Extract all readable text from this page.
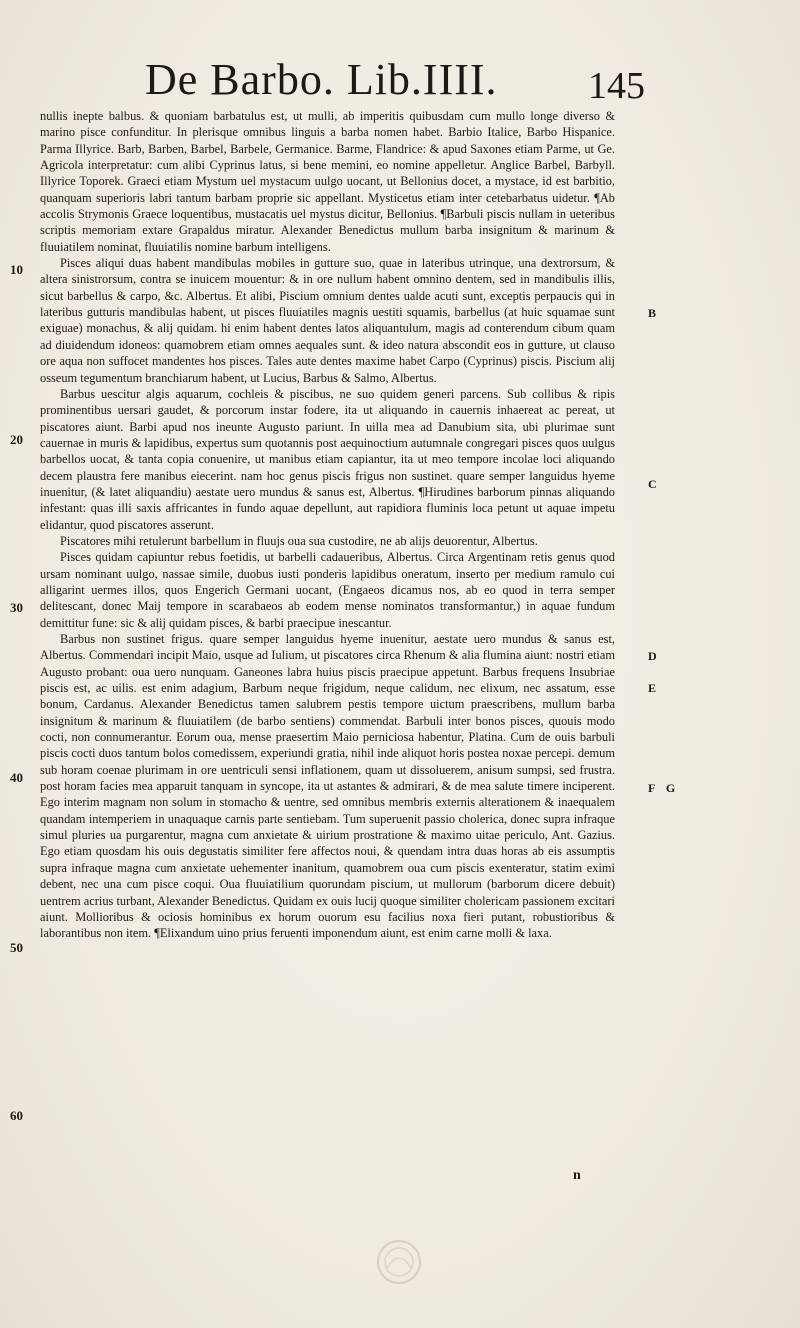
De Barbo. Lib.IIII. 145

nullis inepte balbus. & quoniam barbatulus est, ut mulli, ab imperitis quibusdam cum mullo longe diverso & marino pisce confunditur. In plerisque omnibus linguis a barba nomen habet. Barbio Italice, Barbo Hispanice. Parma Illyrice. Barb, Barben, Barbel, Barbele, Germanice. Barme, Flandrice: & apud Saxones etiam Parme, ut Ge. Agricola interpretatur: cum alibi Cyprinus latus, si bene memini, eo nomine appelletur. Anglice Barbel, Barbyll. Illyrice Toporek. Graeci etiam Mystum uel mystacum uulgo uocant, ut Bellonius docet, a mystace, id est barbitio, quanquam superioris labri tantum barbam proprie sic appellant. Mysticetus etiam inter cetebarbatus uidetur. ¶Ab accolis Strymonis Graece loquentibus, mustacatis uel mystus dicitur, Bellonius. ¶Barbuli piscis nullam in ueteribus scriptis memoriam extare Grapaldus miratur. Alexander Benedictus mullum barba insignitum & marinum & fluuiatilem nominat, fluuiatilis nomine barbum intelligens.

Pisces aliqui duas habent mandibulas mobiles in gutture suo, quae in lateribus utrinque, una dextrorsum, & altera sinistrorsum, contra se inuicem mouentur: & in ore nullum habent omnino dentem, sed in mandibulis illis, sicut barbellus & carpo, &c. Albertus. Et alibi, Piscium omnium dentes ualde acuti sunt, exceptis perpaucis qui in lateribus gutturis mandibulas habent, ut pisces fluuiatiles magnis uestiti squamis, barbellus (at huic squamae sunt exiguae) monachus, & alij quidam. hi enim habent dentes latos aliquantulum, magis ad conterendum cibum quam ad diuidendum idoneos: quamobrem etiam omnes aequales sunt. & ideo natura abscondit eos in gutture, ut clauso ore aqua non suffocet mandentes hos pisces. Tales aute dentes maxime habet Carpo (Cyprinus) piscis. Piscium alij osseum tegumentum branchiarum habent, ut Lucius, Barbus & Salmo, Albertus.

Barbus uescitur algis aquarum, cochleis & piscibus, ne suo quidem generi parcens. Sub collibus & ripis prominentibus uersari gaudet, & porcorum instar fodere, ita ut aliquando in cauernis inhaereat ac pereat, ut piscatores aiunt. Barbi apud nos ineunte Augusto pariunt. In uilla mea ad Danubium sita, ubi plurimae sunt cauernae in muris & lapidibus, expertus sum quotannis post aequinoctium autumnale congregari pisces quos uulgus barbellos uocat, & tanta copia conuenire, ut manibus etiam capiantur, ita ut meo tempore incolae loci aliquando decem plaustra fere manibus eiecerint. nam hoc genus piscis frigus non sustinet. quare semper languidus hyeme inuenitur, (& latet aliquandiu) aestate uero mundus & sanus est, Albertus. ¶Hirudines barborum pinnas aliquando infestant: quas illi saxis affricantes in fundo aquae depellunt, aut rapidiora fluminis loca petunt ut aquae impetu elidantur, quod piscatores asserunt.

Piscatores mihi retulerunt barbellum in fluujs oua sua custodire, ne ab alijs deuorentur, Albertus.

Pisces quidam capiuntur rebus foetidis, ut barbelli cadaueribus, Albertus. Circa Argentinam retis genus quod ursam nominant uulgo, nassae simile, duobus iusti ponderis lapidibus oneratum, inserto per medium ramulo cui alligarint uermes illos, quos Engerich Germani uocant, (Engaeos dicamus nos, ab eo quod in terra semper delitescant, donec Maij tempore in scarabaeos ab eodem mense nominatos transformantur,) in aquae fundum demittitur fune: sic & alij quidam pisces, & barbi praecipue inescantur.

Barbus non sustinet frigus. quare semper languidus hyeme inuenitur, aestate uero mundus & sanus est, Albertus. Commendari incipit Maio, usque ad Iulium, ut piscatores circa Rhenum & alia flumina aiunt: nostri etiam Augusto probant: oua uero nunquam. Ganeones labra huius piscis praecipue appetunt. Barbus frequens Insubriae piscis est, ac uilis. est enim adagium, Barbum neque frigidum, neque calidum, nec elixum, nec assatum, esse bonum, Cardanus. Alexander Benedictus tamen salubrem pestis tempore uictum praescribens, mullum barba insignitum & marinum & fluuiatilem (de barbo sentiens) commendat. Barbuli inter bonos pisces, quouis modo cocti, non connumerantur. Eorum oua, mense praesertim Maio perniciosa habentur, Platina. Cum de ouis barbuli piscis cocti duos tantum bolos comedissem, experiundi gratia, nihil inde aliquot horis postea noxae percepi. demum sub horam coenae plurimam in ore uentriculi sensi inflationem, quam ut dissoluerem, anisum sumpsi, sed frustra. post horam facies mea apparuit tanquam in syncope, ita ut astantes & admirari, & de mea salute timere inciperent. Ego interim magnam non solum in stomacho & uentre, sed omnibus membris externis alterationem & inaequalem quandam intemperiem in unaquaque carnis parte sentiebam. Tum superuenit passio cholerica, donec supra infraque simul pluries ua purgarentur, magna cum anxietate & uirium prostratione & maximo uitae periculo, Ant. Gazius. Ego etiam quosdam his ouis degustatis similiter fere affectos noui, & quendam intra duas horas ab eis assumptis supra infraque magna cum anxietate uehementer inanitum, quamobrem oua cum piscis exenteratur, statim eximi debent, nec una cum pisce coqui. Oua fluuiatilium quorundam piscium, ut mullorum (barborum dicere debuit) uentrem acrius turbant, Alexander Benedictus. Quidam ex ouis lucij quoque similiter cholericam passionem excitari aiunt. Mollioribus & ociosis hominibus ex horum ouorum esu facilius noxa fieri putant, robustioribus & laborantibus non item. ¶Elixandum uino prius feruenti imponendum aiunt, est enim carne molli & laxa.

10
20
30
40
50
60
B
C
D
E
F G
n
